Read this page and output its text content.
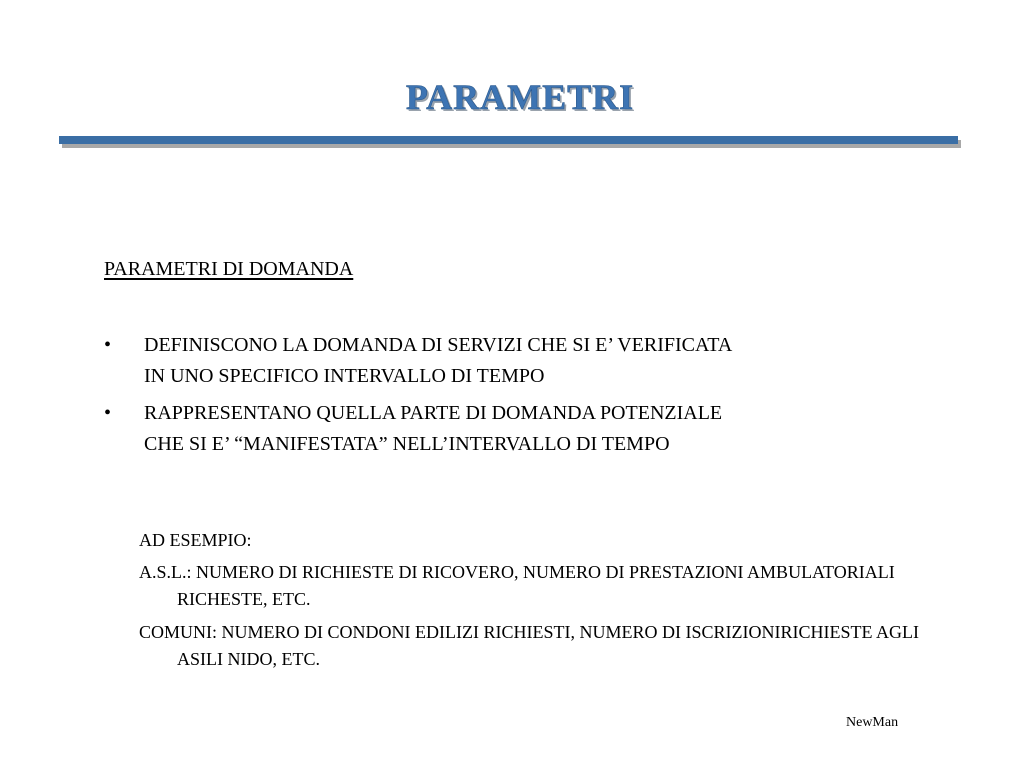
PARAMETRI
PARAMETRI DI DOMANDA
•	DEFINISCONO LA DOMANDA DI SERVIZI CHE SI E’ VERIFICATA
IN UNO SPECIFICO INTERVALLO DI TEMPO
•	RAPPRESENTANO QUELLA PARTE DI DOMANDA POTENZIALE
CHE SI E’ “MANIFESTATA” NELL’INTERVALLO DI TEMPO
AD ESEMPIO:
A.S.L.: NUMERO DI RICHIESTE DI RICOVERO, NUMERO DI PRESTAZIONI AMBULATORIALI RICHESTE, ETC.
COMUNI: NUMERO DI CONDONI EDILIZI RICHIESTI, NUMERO DI ISCRIZIONIRICHIESTE AGLI ASILI NIDO, ETC.
NewMan
